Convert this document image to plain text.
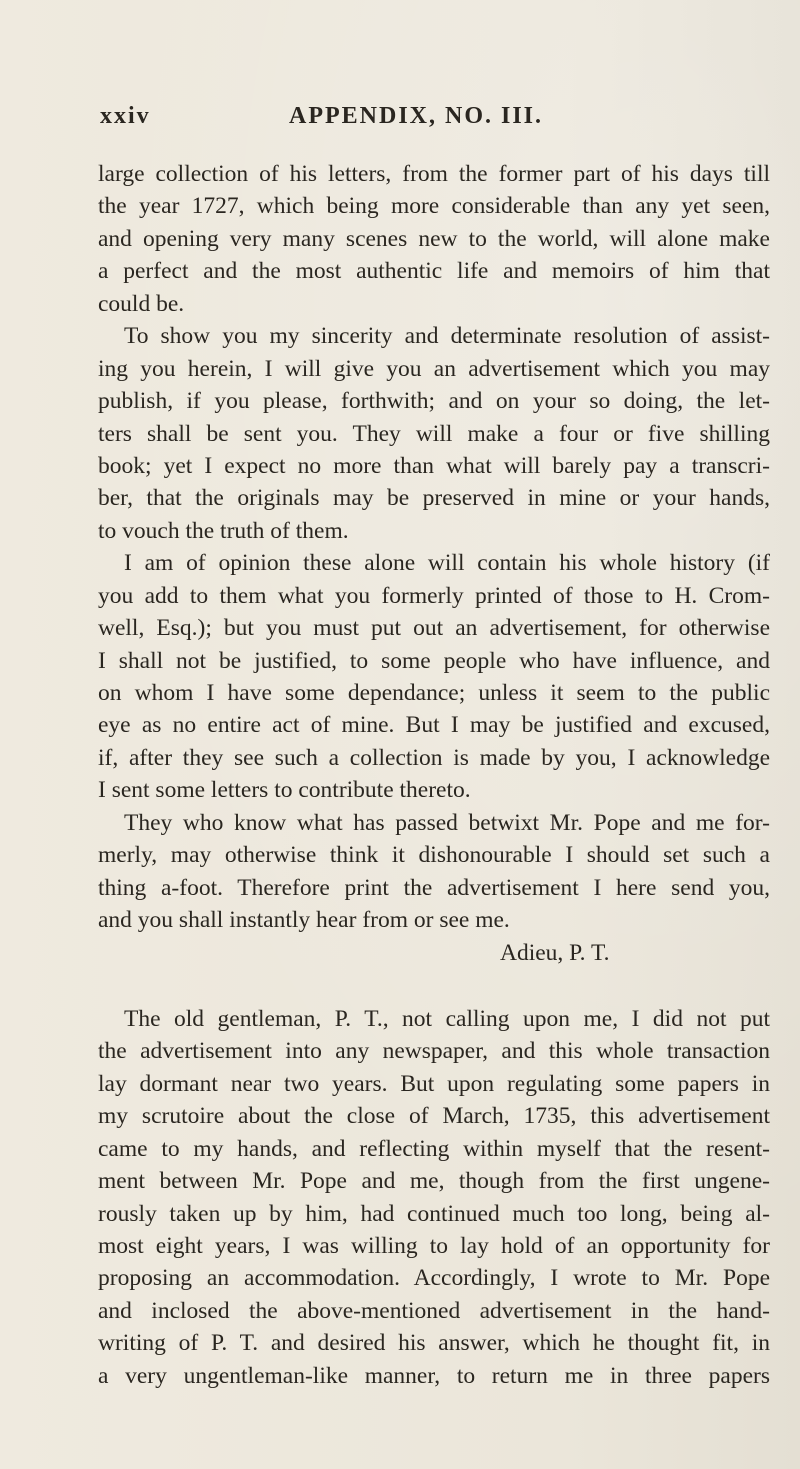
xxiv	APPENDIX, NO. III.
large collection of his letters, from the former part of his days till
the year 1727, which being more considerable than any yet seen,
and opening very many scenes new to the world, will alone make
a perfect and the most authentic life and memoirs of him that
could be.
To show you my sincerity and determinate resolution of assist-
ing you herein, I will give you an advertisement which you may
publish, if you please, forthwith; and on your so doing, the let-
ters shall be sent you. They will make a four or five shilling
book; yet I expect no more than what will barely pay a transcri-
ber, that the originals may be preserved in mine or your hands,
to vouch the truth of them.
I am of opinion these alone will contain his whole history (if
you add to them what you formerly printed of those to H. Crom-
well, Esq.); but you must put out an advertisement, for otherwise
I shall not be justified, to some people who have influence, and
on whom I have some dependance; unless it seem to the public
eye as no entire act of mine. But I may be justified and excused,
if, after they see such a collection is made by you, I acknowledge
I sent some letters to contribute thereto.
They who know what has passed betwixt Mr. Pope and me for-
merly, may otherwise think it dishonourable I should set such a
thing a-foot. Therefore print the advertisement I here send you,
and you shall instantly hear from or see me.
Adieu, P. T.
The old gentleman, P. T., not calling upon me, I did not put
the advertisement into any newspaper, and this whole transaction
lay dormant near two years. But upon regulating some papers in
my scrutoire about the close of March, 1735, this advertisement
came to my hands, and reflecting within myself that the resent-
ment between Mr. Pope and me, though from the first ungene-
rously taken up by him, had continued much too long, being al-
most eight years, I was willing to lay hold of an opportunity for
proposing an accommodation. Accordingly, I wrote to Mr. Pope
and inclosed the above-mentioned advertisement in the hand-
writing of P. T. and desired his answer, which he thought fit, in
a very ungentleman-like manner, to return me in three papers
